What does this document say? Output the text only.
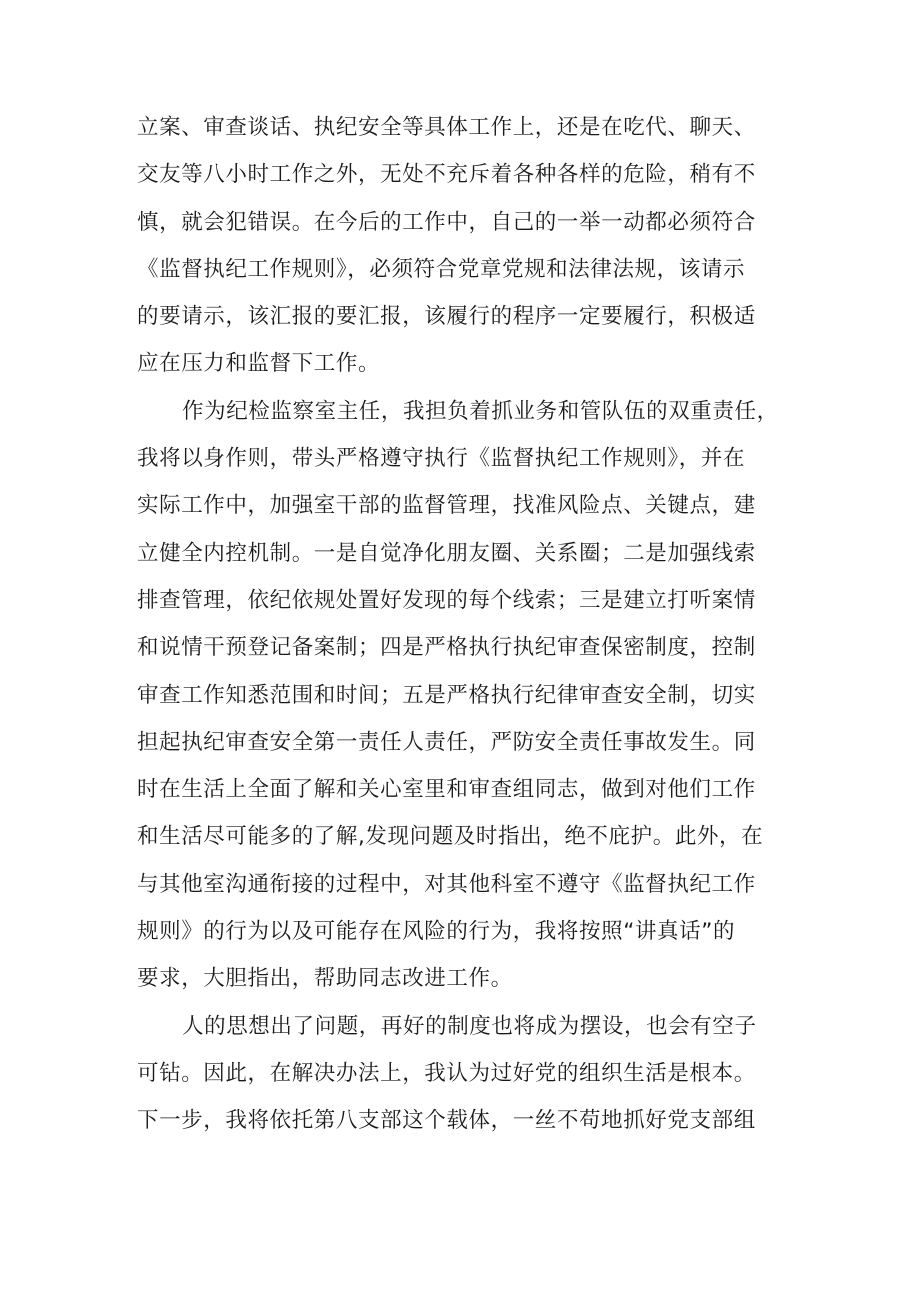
立案、审查谈话、执纪安全等具体工作上，还是在吃代、聊天、
交友等八小时工作之外，无处不充斥着各种各样的危险，稍有不
慎，就会犯错误。在今后的工作中，自己的一举一动都必须符合
《监督执纪工作规则》，必须符合党章党规和法律法规，该请示
的要请示，该汇报的要汇报，该履行的程序一定要履行，积极适
应在压力和监督下工作。
作为纪检监察室主任，我担负着抓业务和管队伍的双重责任，
我将以身作则，带头严格遵守执行《监督执纪工作规则》，并在
实际工作中，加强室干部的监督管理，找准风险点、关键点，建
立健全内控机制。一是自觉净化朋友圈、关系圈；二是加强线索
排查管理，依纪依规处置好发现的每个线索；三是建立打听案情
和说情干预登记备案制；四是严格执行执纪审查保密制度，控制
审查工作知悉范围和时间；五是严格执行纪律审查安全制，切实
担起执纪审查安全第一责任人责任，严防安全责任事故发生。同
时在生活上全面了解和关心室里和审查组同志，做到对他们工作
和生活尽可能多的了解,发现问题及时指出，绝不庇护。此外，在
与其他室沟通衔接的过程中，对其他科室不遵守《监督执纪工作
规则》的行为以及可能存在风险的行为，我将按照“讲真话”的
要求，大胆指出，帮助同志改进工作。
人的思想出了问题，再好的制度也将成为摆设，也会有空子
可钻。因此，在解决办法上，我认为过好党的组织生活是根本。
下一步，我将依托第八支部这个载体，一丝不苟地抓好党支部组
